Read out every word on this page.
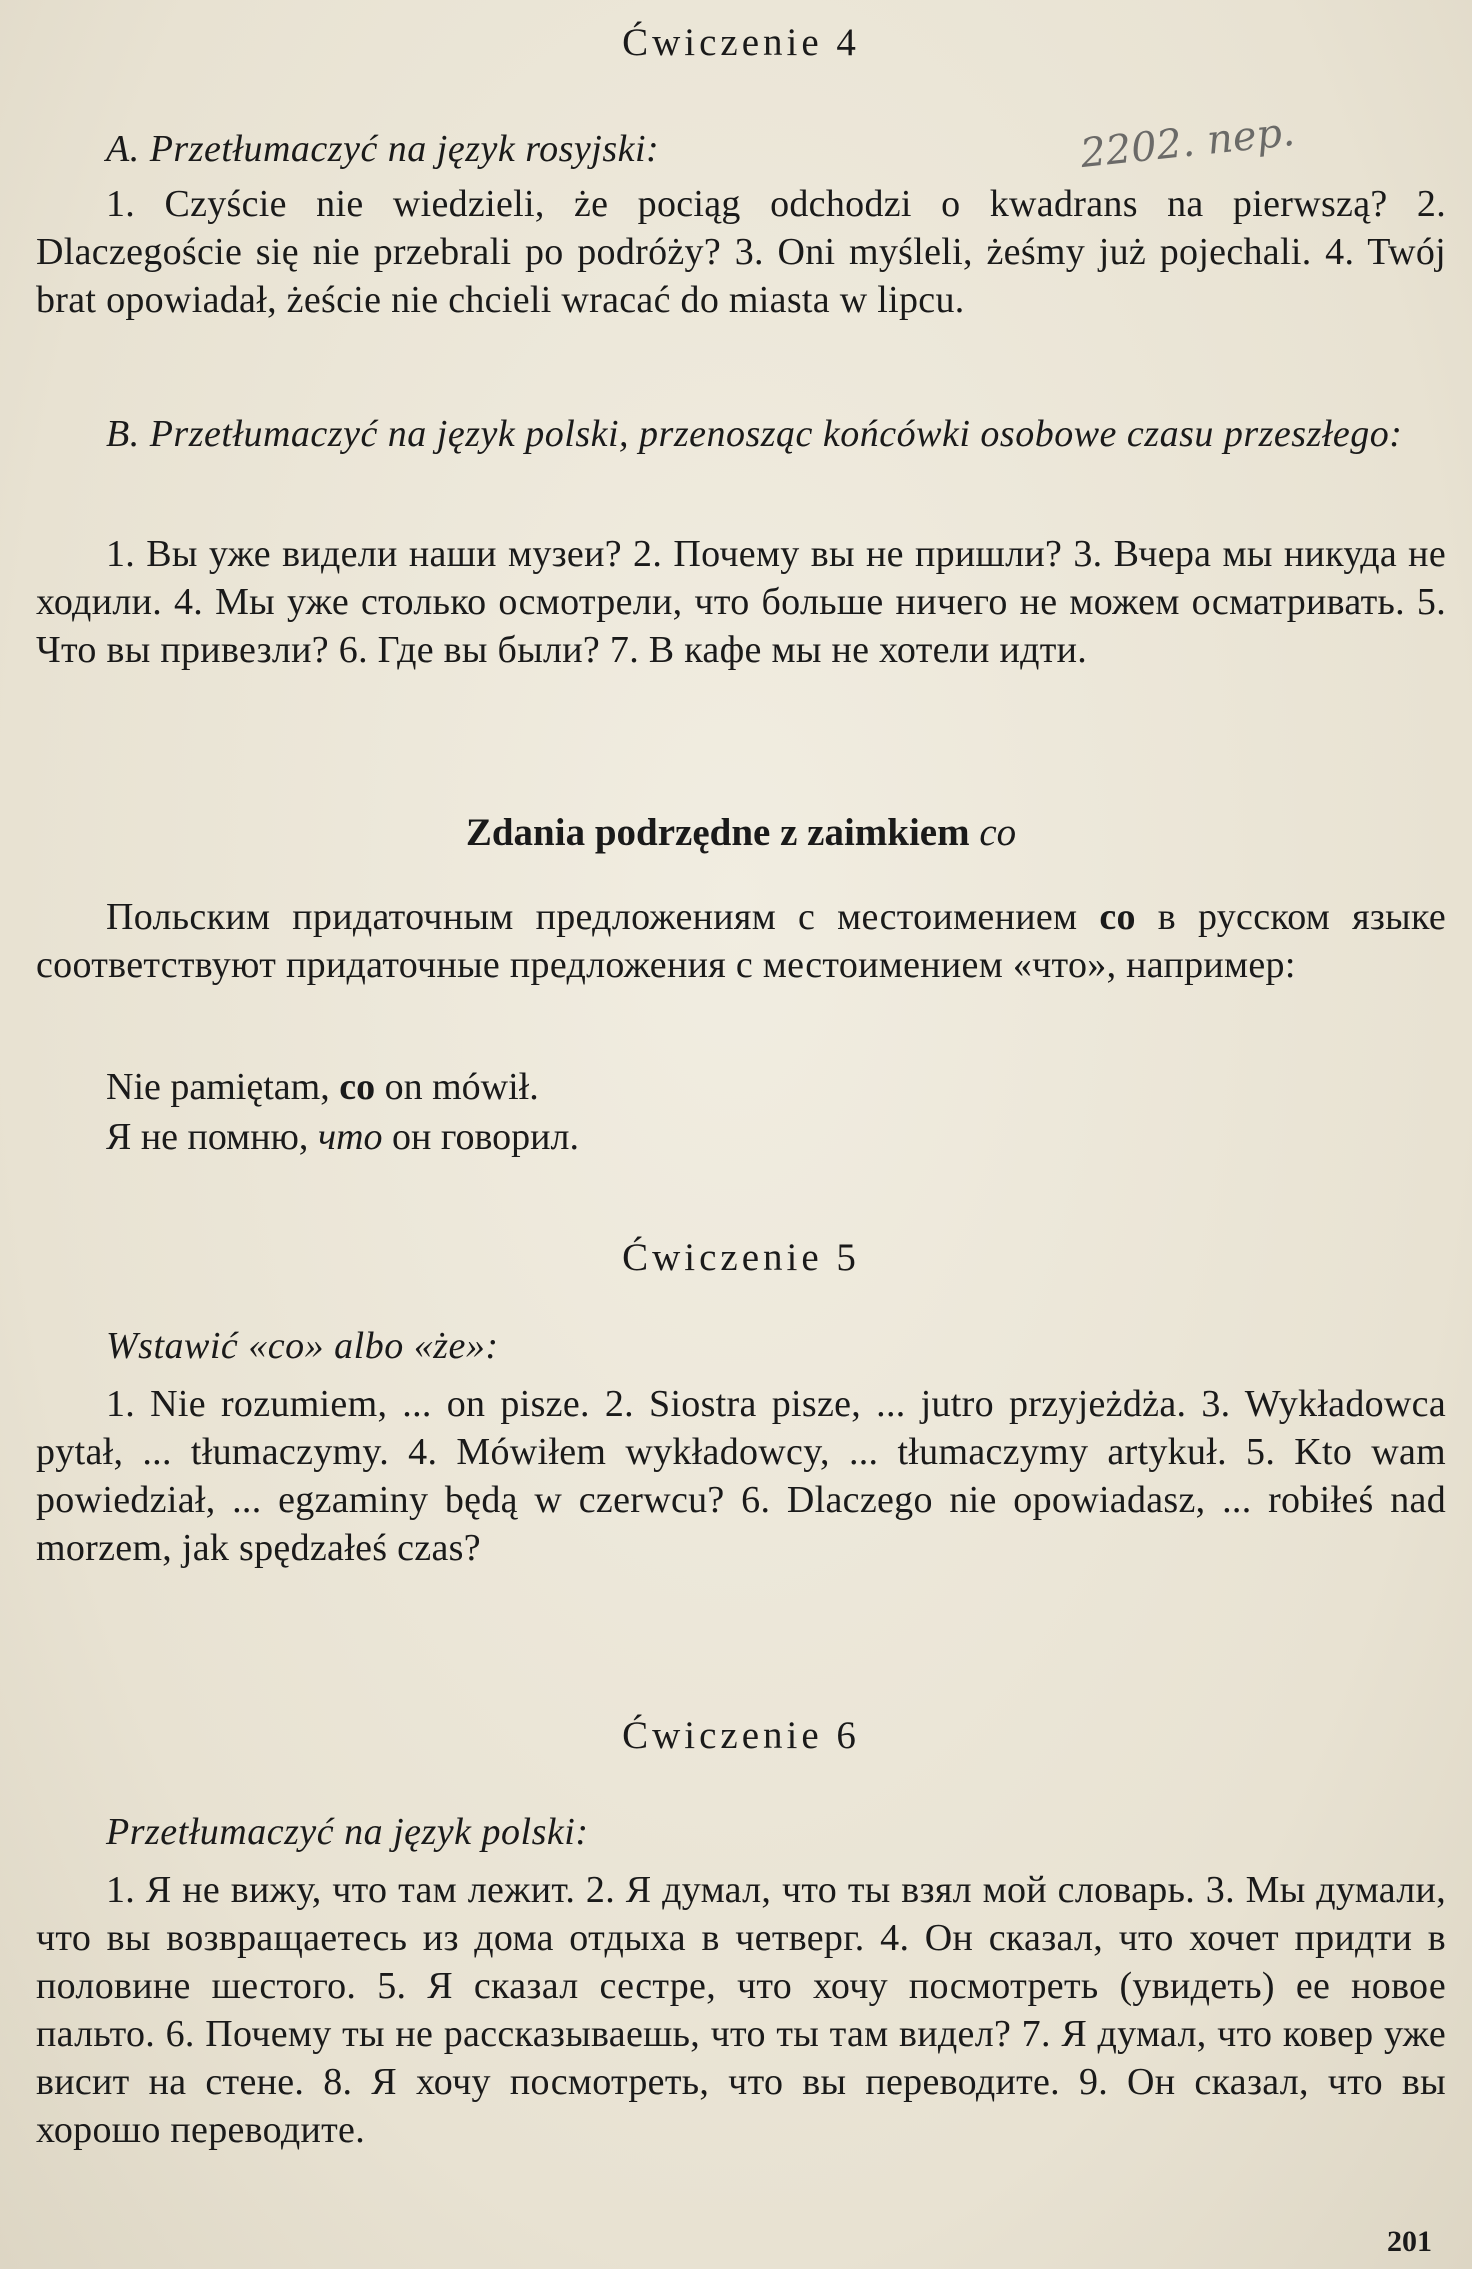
2202. пер.
Ćwiczenie 4
A. Przetłumaczyć na język rosyjski:
1. Czyście nie wiedzieli, że pociąg odchodzi o kwadrans na pierwszą? 2. Dlaczegoście się nie przebrali po podróży? 3. Oni myśleli, żeśmy już pojechali. 4. Twój brat opowiadał, żeście nie chcieli wracać do miasta w lipcu.
B. Przetłumaczyć na język polski, przenosząc końcówki osobowe czasu przeszłego:
1. Вы уже видели наши музеи? 2. Почему вы не пришли? 3. Вчера мы никуда не ходили. 4. Мы уже столько осмотрели, что больше ничего не можем осматривать. 5. Что вы привезли? 6. Где вы были? 7. В кафе мы не хотели идти.
Zdania podrzędne z zaimkiem co
Польским придаточным предложениям с местоимением co в русском языке соответствуют придаточные предложения с местоимением «что», например:
Nie pamiętam, co on mówił.
Я не помню, что он говорил.
Ćwiczenie 5
Wstawić «co» albo «że»:
1. Nie rozumiem, ... on pisze. 2. Siostra pisze, ... jutro przyjeżdża. 3. Wykładowca pytał, ... tłumaczymy. 4. Mówiłem wykładowcy, ... tłumaczymy artykuł. 5. Kto wam powiedział, ... egzaminy będą w czerwcu? 6. Dlaczego nie opowiadasz, ... robiłeś nad morzem, jak spędzałeś czas?
Ćwiczenie 6
Przetłumaczyć na język polski:
1. Я не вижу, что там лежит. 2. Я думал, что ты взял мой словарь. 3. Мы думали, что вы возвращаетесь из дома отдыха в четверг. 4. Он сказал, что хочет придти в половине шестого. 5. Я сказал сестре, что хочу посмотреть (увидеть) ее новое пальто. 6. Почему ты не рассказываешь, что ты там видел? 7. Я думал, что ковер уже висит на стене. 8. Я хочу посмотреть, что вы переводите. 9. Он сказал, что вы хорошо переводите.
201
